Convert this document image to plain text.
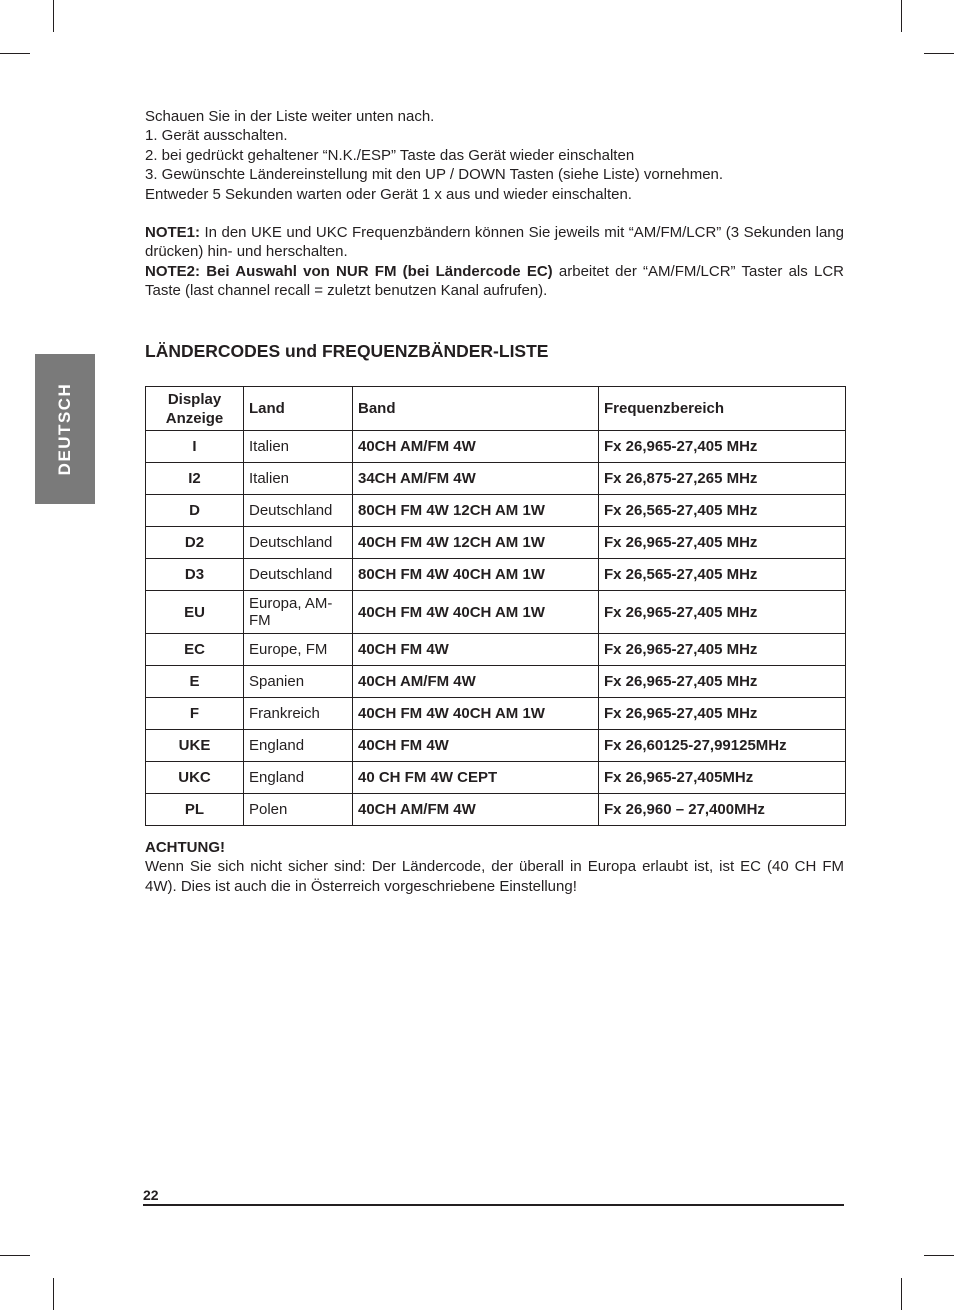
DEUTSCH

Schauen Sie in der Liste weiter unten nach.

1. Gerät ausschalten.

2. bei gedrückt gehaltener “N.K./ESP” Taste das Gerät wieder einschalten

3. Gewünschte Ländereinstellung mit den UP / DOWN Tasten (siehe Liste) vornehmen.

Entweder 5 Sekunden warten oder Gerät 1 x aus und wieder einschalten.

NOTE1: In den UKE und UKC Frequenzbändern können Sie jeweils mit “AM/FM/LCR” (3 Sekunden lang drücken) hin- und herschalten.

NOTE2: Bei Auswahl von NUR FM (bei Ländercode EC) arbeitet der “AM/FM/LCR” Taster als LCR Taste (last channel recall = zuletzt benutzen Kanal aufrufen).

LÄNDERCODES und FREQUENZBÄNDER-LISTE
Display
Anzeige	Land	Band	Frequenzbereich
I	Italien	40CH AM/FM 4W	Fx 26,965-27,405 MHz
I2	Italien	34CH AM/FM 4W	Fx 26,875-27,265 MHz
D	Deutschland	80CH FM 4W 12CH AM 1W	Fx 26,565-27,405 MHz
D2	Deutschland	40CH FM 4W 12CH AM 1W	Fx 26,965-27,405 MHz
D3	Deutschland	80CH FM 4W 40CH AM 1W	Fx 26,565-27,405 MHz
EU	Europa, AM-FM	40CH FM 4W 40CH AM 1W	Fx 26,965-27,405 MHz
EC	Europe, FM	40CH FM 4W	Fx 26,965-27,405 MHz
E	Spanien	40CH AM/FM 4W	Fx 26,965-27,405 MHz
F	Frankreich	40CH FM 4W 40CH AM 1W	Fx 26,965-27,405 MHz
UKE	England	40CH FM 4W	Fx 26,60125-27,99125MHz
UKC	England	40 CH FM 4W CEPT	Fx 26,965-27,405MHz
PL	Polen	40CH AM/FM 4W	Fx 26,960 – 27,400MHz

ACHTUNG!

Wenn Sie sich nicht sicher sind: Der Ländercode, der überall in Europa erlaubt ist, ist EC (40 CH FM 4W). Dies ist auch die in Österreich vorgeschriebene Einstellung!

22
